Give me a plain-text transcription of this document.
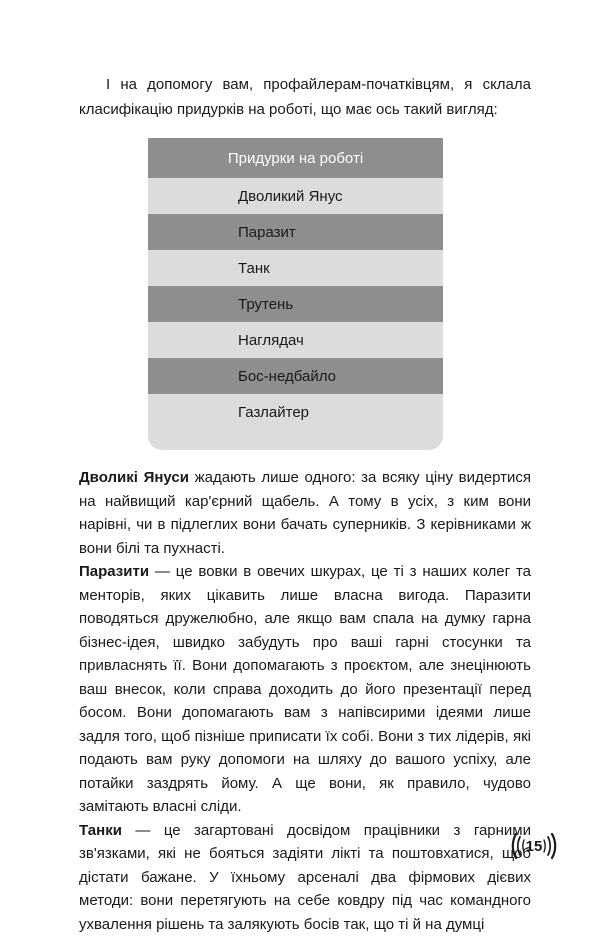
І на допомогу вам, профайлерам-початківцям, я склала класифікацію придурків на роботі, що має ось такий вигляд:

Придурки на роботі
Дволикий Янус
Паразит
Танк
Трутень
Наглядач
Бос-недбайло
Газлайтер

Дволикі Януси жадають лише одного: за всяку ціну видертися на найвищий кар'єрний щабель. А тому в усіх, з ким вони нарівні, чи в підлеглих вони бачать суперників. З керівниками ж вони білі та пухнасті.

Паразити — це вовки в овечих шкурах, це ті з наших колег та менторів, яких цікавить лише власна вигода. Паразити поводяться дружелюбно, але якщо вам спала на думку гарна бізнес-ідея, швидко забудуть про ваші гарні стосунки та привласнять її. Вони допомагають з проєктом, але знецінюють ваш внесок, коли справа доходить до його презентації перед босом. Вони допомагають вам з напівсирими ідеями лише задля того, щоб пізніше приписати їх собі. Вони з тих лідерів, які подають вам руку допомоги на шляху до вашого успіху, але потайки заздрять йому. А ще вони, як правило, чудово замітають власні сліди.

Танки — це загартовані досвідом працівники з гарними зв'язками, які не бояться задіяти лікті та поштовхатися, щоб дістати бажане. У їхньому арсеналі два фірмових дієвих методи: вони перетягують на себе ковдру під час командного ухвалення рішень та залякують босів так, що ті й на думці

15
